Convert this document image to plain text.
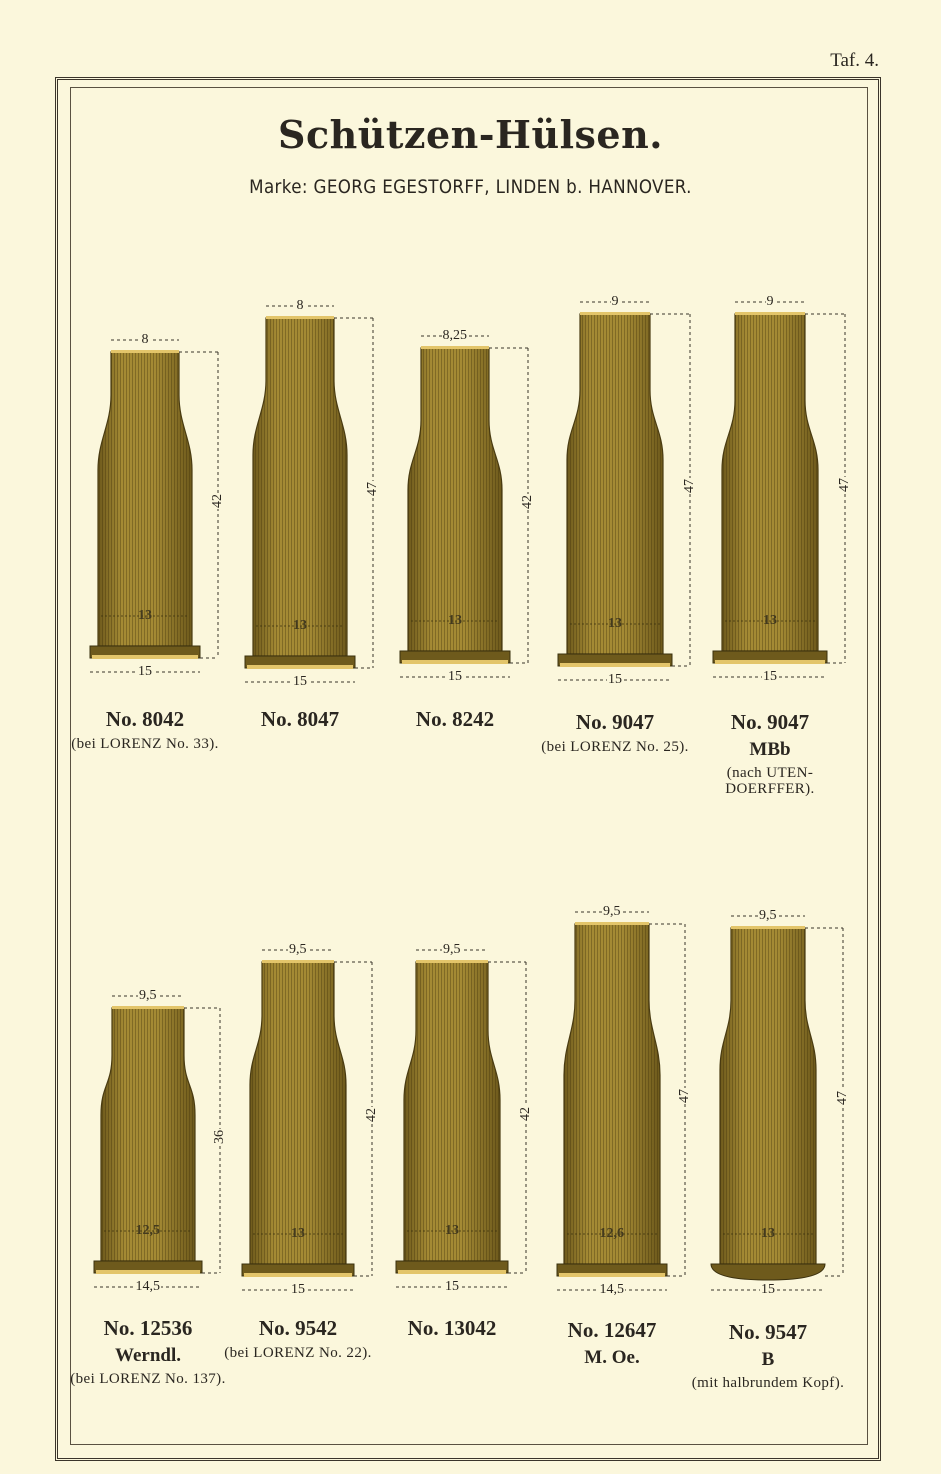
Taf. 4.
Schützen-Hülsen.
Marke: GEORG EGESTORFF, LINDEN b. HANNOVER.
No. 8042
(bei LORENZ No. 33).
No. 8047	No. 8242	No. 9047
(bei LORENZ No. 25).
No. 9047
MBb
(nach UTEN-DOERFFER).
No. 12536
Werndl.
(bei LORENZ No. 137).
No. 9542
(bei LORENZ No. 22).
No. 13042	No. 12647
M. Oe.
No. 9547
B
(mit halbrundem Kopf).
8
15
42
13
8
15
47
13
8,25
15
42
13
9
15
47
13
9
15
47
13
9,5
14,5
36
12,5
9,5
15
42
13
9,5
15
42
13
9,5
14,5
47
12,6
9,5
15
47
13
